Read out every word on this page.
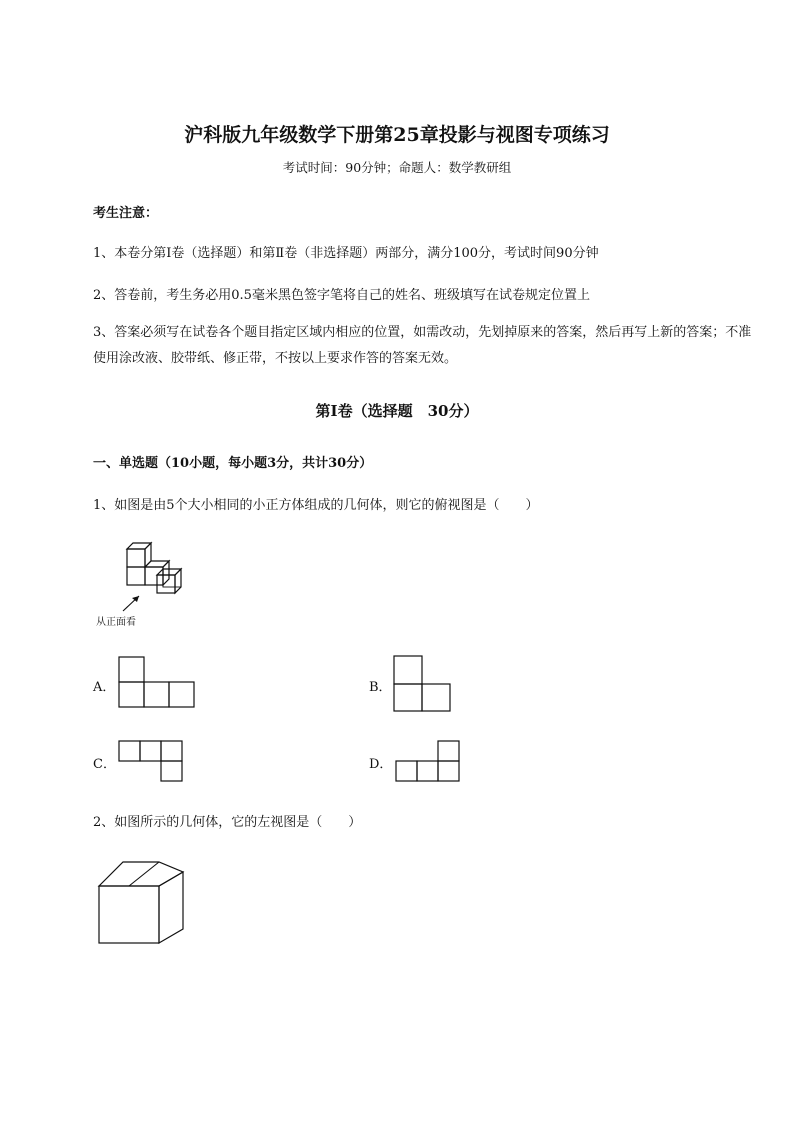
沪科版九年级数学下册第25章投影与视图专项练习
考试时间：90分钟；命题人：数学教研组
考生注意：
1、本卷分第I卷（选择题）和第Ⅱ卷（非选择题）两部分，满分100分，考试时间90分钟
2、答卷前，考生务必用0.5毫米黑色签字笔将自己的姓名、班级填写在试卷规定位置上
3、答案必须写在试卷各个题目指定区域内相应的位置，如需改动，先划掉原来的答案，然后再写上新的答案；不准使用涂改液、胶带纸、修正带，不按以上要求作答的答案无效。
第I卷（选择题　30分）
一、单选题（10小题，每小题3分，共计30分）
1、如图是由5个大小相同的小正方体组成的几何体，则它的俯视图是（　　）
从正面看
A．	B．
C．	D．
2、如图所示的几何体，它的左视图是（　　）
